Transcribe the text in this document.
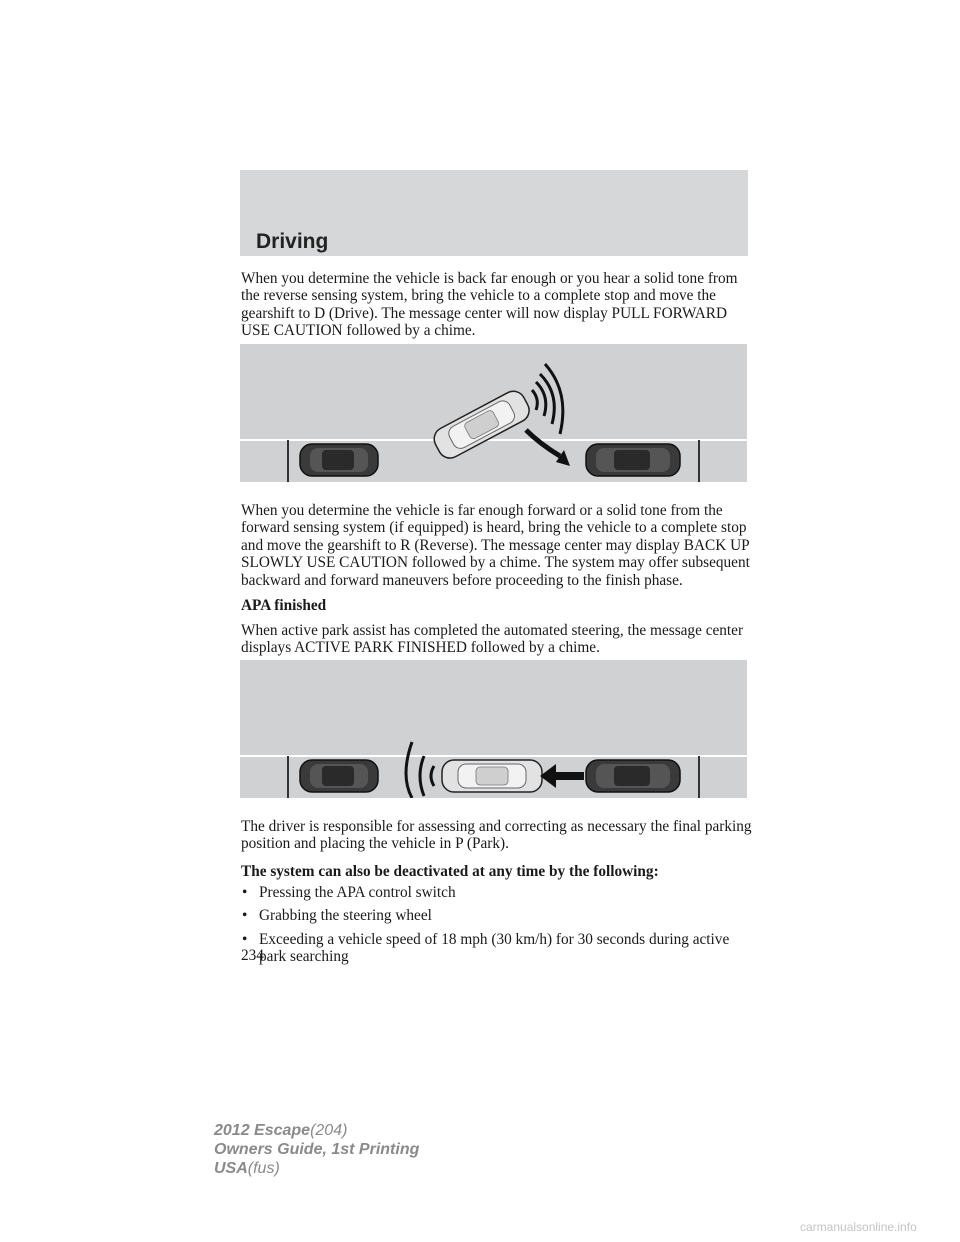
Driving

When you determine the vehicle is back far enough or you hear a solid tone from the reverse sensing system, bring the vehicle to a complete stop and move the gearshift to D (Drive). The message center will now display PULL FORWARD USE CAUTION followed by a chime.

When you determine the vehicle is far enough forward or a solid tone from the forward sensing system (if equipped) is heard, bring the vehicle to a complete stop and move the gearshift to R (Reverse). The message center may display BACK UP SLOWLY USE CAUTION followed by a chime. The system may offer subsequent backward and forward maneuvers before proceeding to the finish phase.

APA finished

When active park assist has completed the automated steering, the message center displays ACTIVE PARK FINISHED followed by a chime.

The driver is responsible for assessing and correcting as necessary the final parking position and placing the vehicle in P (Park).

The system can also be deactivated at any time by the following:

• Pressing the APA control switch
• Grabbing the steering wheel
• Exceeding a vehicle speed of 18 mph (30 km/h) for 30 seconds during active park searching
234
2012 Escape(204)
Owners Guide, 1st Printing
USA(fus)
carmanualsonline.info
